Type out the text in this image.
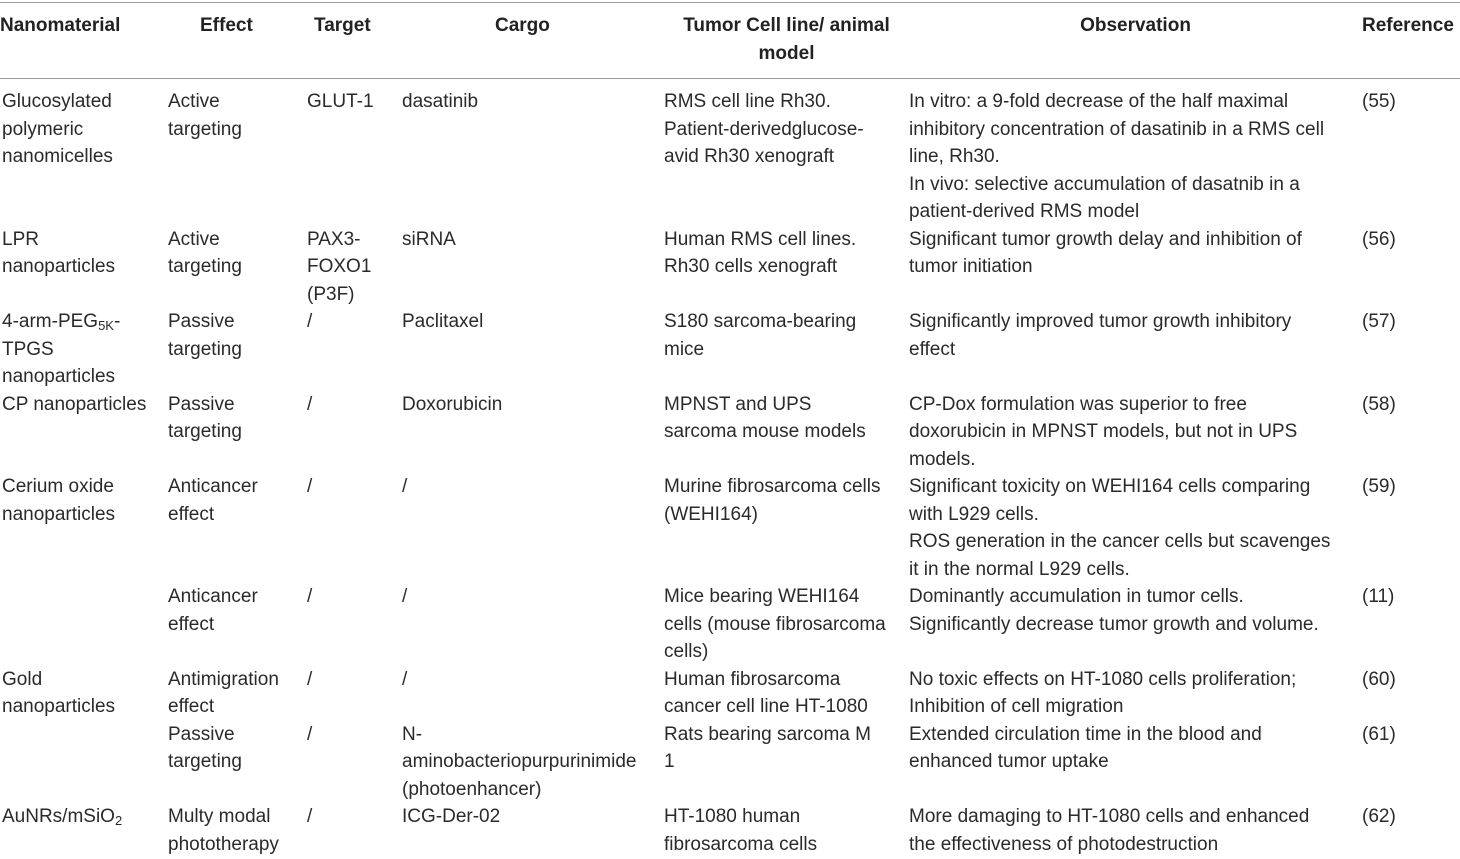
Nanomaterial	Effect	Target	Cargo	Tumor Cell line/ animal
model	Observation	Reference
Glucosylated
polymeric
nanomicelles	Active
targeting	GLUT-1	dasatinib	RMS cell line Rh30.
Patient-derivedglucose-
avid Rh30 xenograft	In vitro: a 9-fold decrease of the half maximal
inhibitory concentration of dasatinib in a RMS cell
line, Rh30.
In vivo: selective accumulation of dasatnib in a
patient-derived RMS model	(55)
LPR
nanoparticles	Active
targeting	PAX3-
FOXO1
(P3F)	siRNA	Human RMS cell lines.
Rh30 cells xenograft	Significant tumor growth delay and inhibition of
tumor initiation	(56)
$4-arm-PEG_{5K}-$
TPGS
nanoparticles	Passive
targeting	/	Paclitaxel	S180 sarcoma-bearing
mice	Significantly improved tumor growth inhibitory
effect	(57)
CP nanoparticles	Passive
targeting	/	Doxorubicin	MPNST and UPS
sarcoma mouse models	CP-Dox formulation was superior to free
doxorubicin in MPNST models, but not in UPS
models.	(58)
Cerium oxide
nanoparticles	Anticancer
effect	/	/	Murine fibrosarcoma cells
(WEHI164)	Significant toxicity on WEHI164 cells comparing
with L929 cells.
ROS generation in the cancer cells but scavenges
it in the normal L929 cells.	(59)
	Anticancer
effect	/	/	Mice bearing WEHI164
cells (mouse fibrosarcoma
cells)	Dominantly accumulation in tumor cells.
Significantly decrease tumor growth and volume.	(11)
Gold
nanoparticles	Antimigration
effect	/	/	Human fibrosarcoma
cancer cell line HT-1080	No toxic effects on HT-1080 cells proliferation;
Inhibition of cell migration	(60)
	Passive
targeting	/	N-
aminobacteriopurpurinimide
(photoenhancer)	Rats bearing sarcoma M
1	Extended circulation time in the blood and
enhanced tumor uptake	(61)
AuNRs/mSiO$_2$	Multy modal
phototherapy	/	ICG-Der-02	HT-1080 human
fibrosarcoma cells	More damaging to HT-1080 cells and enhanced
the effectiveness of photodestruction	(62)
